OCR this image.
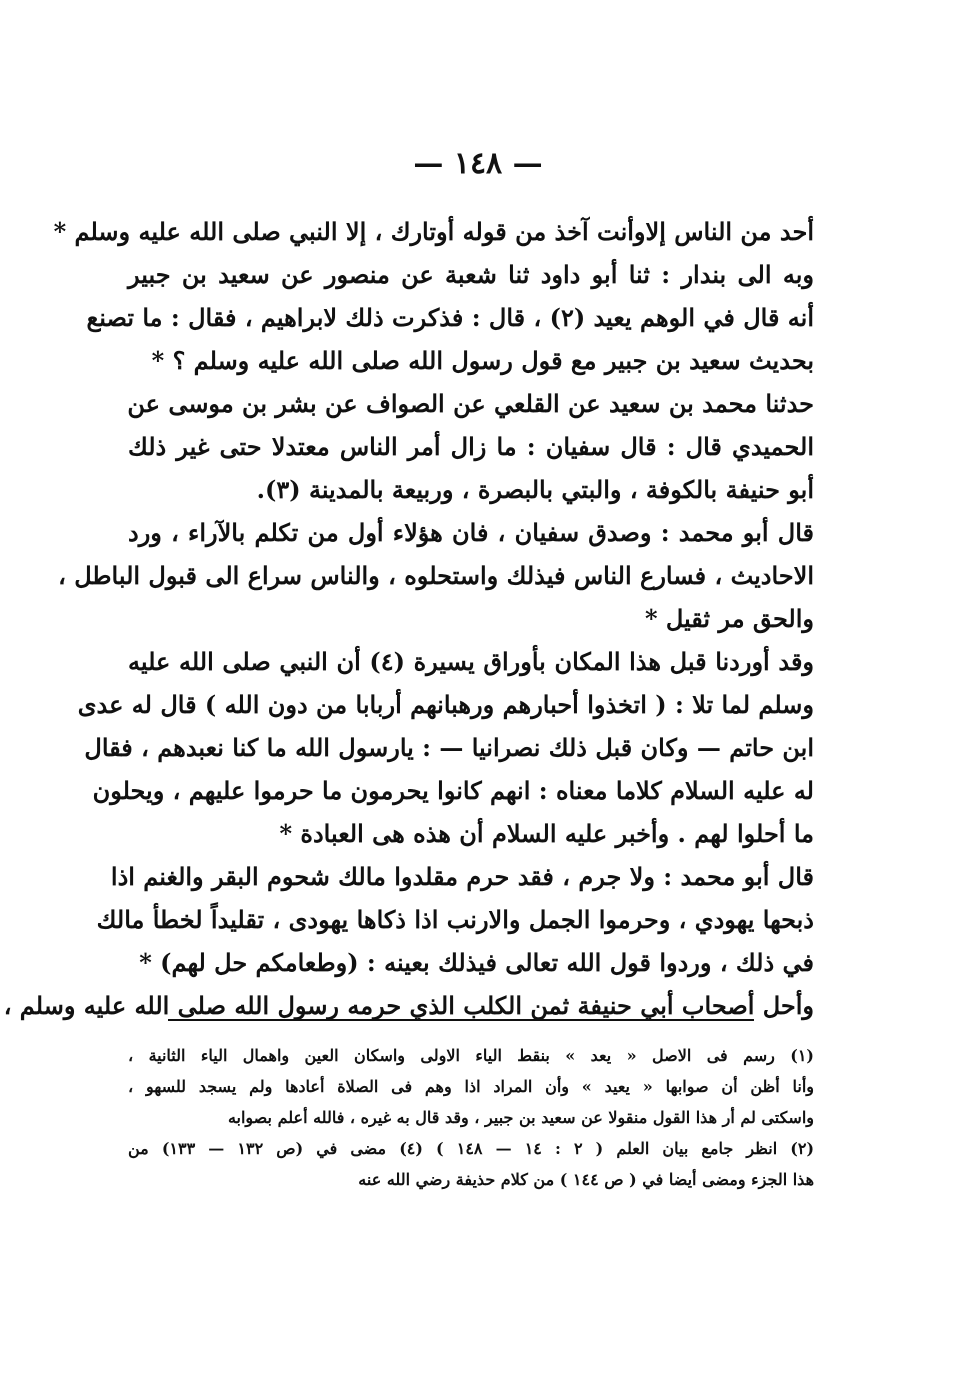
— ١٤٨ —
أحد من الناس إلاوأنت آخذ من قوله أوتارك ، إلا النبي صلى الله عليه وسلم *
وبه الى بندار : ثنا أبو داود ثنا شعبة عن منصور عن سعيد بن جبير
أنه قال في الوهم يعيد (٢) ، قال : فذكرت ذلك لابراهيم ، فقال : ما تصنع
بحديث سعيد بن جبير مع قول رسول الله صلى الله عليه وسلم ؟ *
حدثنا محمد بن سعيد عن القلعي عن الصواف عن بشر بن موسى عن
الحميدي قال : قال سفيان : ما زال أمر الناس معتدلا حتى غير ذلك
أبو حنيفة بالكوفة ، والبتي بالبصرة ، وربيعة بالمدينة (٣).
قال أبو محمد : وصدق سفيان ، فان هؤلاء أول من تكلم بالآراء ، ورد
الاحاديث ، فسارع الناس فيذلك واستحلوه ، والناس سراع الى قبول الباطل ،
والحق مر ثقيل *
وقد أوردنا قبل هذا المكان بأوراق يسيرة (٤) أن النبي صلى الله عليه
وسلم لما تلا : ( اتخذوا أحبارهم ورهبانهم أربابا من دون الله ) قال له عدى
ابن حاتم — وكان قبل ذلك نصرانيا — : يارسول الله ما كنا نعبدهم ، فقال
له عليه السلام كلاما معناه : انهم كانوا يحرمون ما حرموا عليهم ، ويحلون
ما أحلوا لهم . وأخبر عليه السلام أن هذه هى العبادة *
قال أبو محمد : ولا جرم ، فقد حرم مقلدوا مالك شحوم البقر والغنم اذا
ذبحها يهودي ، وحرموا الجمل والارنب اذا ذكاها يهودى ، تقليداً لخطأ مالك
في ذلك ، وردوا قول الله تعالى فيذلك بعينه : (وطعامكم حل لهم) *
وأحل أصحاب أبي حنيفة ثمن الكلب الذي حرمه رسول الله صلى الله عليه وسلم ،
(١) رسم فى الاصل « يعد » بنقط الياء الاولى واسكان العين واهمال الياء الثانية ،
وأنا أظن أن صوابها « يعيد » وأن المراد اذا وهم فى الصلاة أعادها ولم يسجد للسهو ،
واسكتى لم أر هذا القول منقولا عن سعيد بن جبير ، وقد قال به غيره ، فالله أعلم بصوابه
(٢) انظر جامع بيان العلم ( ٢ : ١٤ — ١٤٨ ) (٤) مضى في (ص ١٣٢ — ١٣٣) من
هذا الجزء ومضى أيضا في ( ص ١٤٤ ) من كلام حذيفة رضي الله عنه
